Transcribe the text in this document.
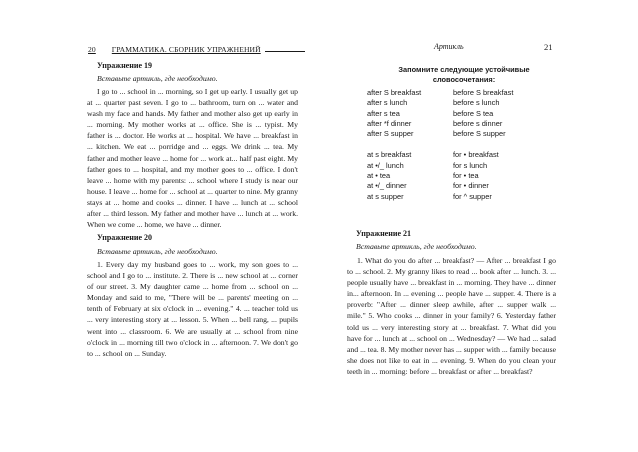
20 ГРАММАТИКА. СБОРНИК УПРАЖНЕНИЙ
Упражнение 19
Вставьте артикль, где необходимо.
I go to ... school in ... morning, so I get up early. I usually get up at ... quarter past seven. I go to ... bathroom, turn on ... water and wash my face and hands. My father and mother also get up early in ... morning. My mother works at ... office. She is ... typist. My father is ... doctor. He works at ... hospital. We have ... breakfast in ... kitchen. We eat ... porridge and ... eggs. We drink ... tea. My father and mother leave ... home for ... work at... half past eight. My father goes to ... hospital, and my mother goes to ... office. I don't leave ... home with my parents: ... school where I study is near our house. I leave ... home for ... school at ... quarter to nine. My granny stays at ... home and cooks ... dinner. I have ... lunch at ... school after ... third lesson. My father and mother have ... lunch at ... work. When we come ... home, we have ... dinner.
Упражнение 20
Вставьте артикль, где необходимо.
1. Every day my husband goes to ... work, my son goes to ... school and I go to ... institute. 2. There is ... new school at ... corner of our street. 3. My daughter came ... home from ... school on ... Monday and said to me, "There will be ... parents' meeting on ... tenth of February at six o'clock in ... evening." 4. ... teacher told us ... very interesting story at ... lesson. 5. When ... bell rang, ... pupils went into ... classroom. 6. We are usually at ... school from nine o'clock in ... morning till two o'clock in ... afternoon. 7. We don't go to ... school on ... Sunday.
Артикль	21
Запомните следующие устойчивые
словосочетания:
after S breakfast
after s lunch
after s tea
after *f dinner
after S supper
at s breakfast
at •/_ lunch
at • tea
at •/_ dinner
at s supper
before S breakfast
before s lunch
before S tea
before s dinner
before S supper
for • breakfast
for s lunch
for • tea
for • dinner
for ^ supper
Упражнение 21
Вставьте артикль, где необходимо.
1. What do you do after ... breakfast? — After ... breakfast I go to ... school. 2. My granny likes to read ... book after ... lunch. 3. ... people usually have ... breakfast in ... morning. They have ... dinner in... afternoon. In ... evening ... people have ... supper. 4. There is a proverb: "After ... dinner sleep awhile, after ... supper walk ... mile." 5. Who cooks ... dinner in your family? 6. Yesterday father told us ... very interesting story at ... breakfast. 7. What did you have for ... lunch at ... school on ... Wednesday? — We had ... salad and ... tea. 8. My mother never has ... supper with ... family because she does not like to eat in ... evening. 9. When do you clean your teeth in ... morning: before ... breakfast or after ... breakfast?
